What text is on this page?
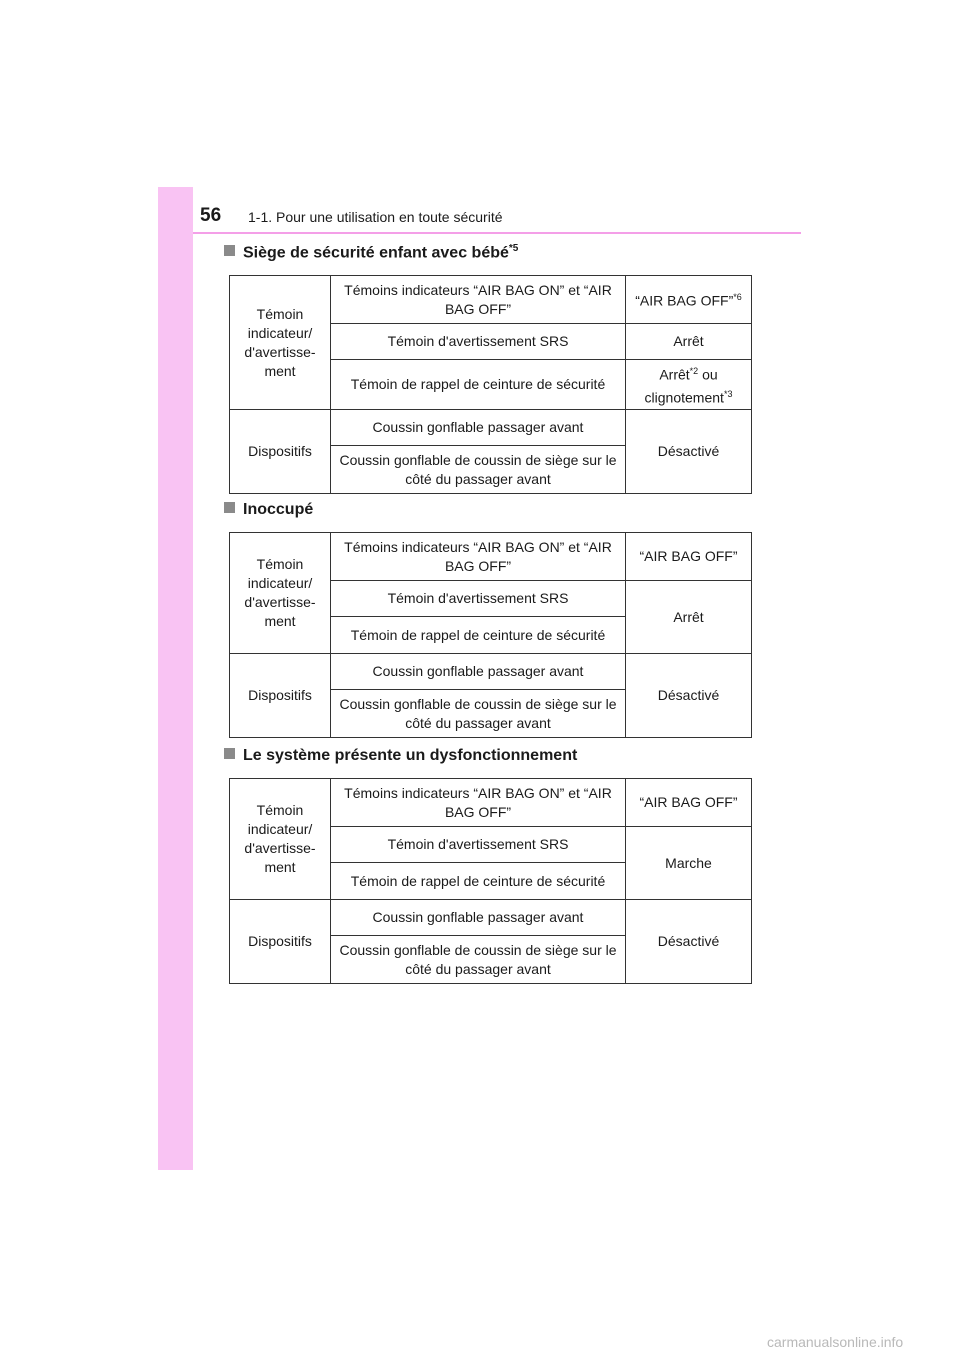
56 1-1. Pour une utilisation en toute sécurité
Siège de sécurité enfant avec bébé$^{*5}$
Témoin indicateur/ d'avertisse- ment	Témoins indicateurs “AIR BAG ON” et “AIR BAG OFF”	“AIR BAG OFF”$^{*6}$
	Témoin d'avertissement SRS	Arrêt
	Témoin de rappel de ceinture de sécurité	Arrêt$^{*2}$ ou clignotement$^{*3}$
Dispositifs	Coussin gonflable passager avant	Désactivé
	Coussin gonflable de coussin de siège sur le côté du passager avant	
Inoccupé
Témoin indicateur/ d'avertisse- ment	Témoins indicateurs “AIR BAG ON” et “AIR BAG OFF”	“AIR BAG OFF”
	Témoin d'avertissement SRS	Arrêt
	Témoin de rappel de ceinture de sécurité	
Dispositifs	Coussin gonflable passager avant	Désactivé
	Coussin gonflable de coussin de siège sur le côté du passager avant	
Le système présente un dysfonctionnement
Témoin indicateur/ d'avertisse- ment	Témoins indicateurs “AIR BAG ON” et “AIR BAG OFF”	“AIR BAG OFF”
	Témoin d'avertissement SRS	Marche
	Témoin de rappel de ceinture de sécurité	
Dispositifs	Coussin gonflable passager avant	Désactivé
	Coussin gonflable de coussin de siège sur le côté du passager avant	
carmanualsonline.info
